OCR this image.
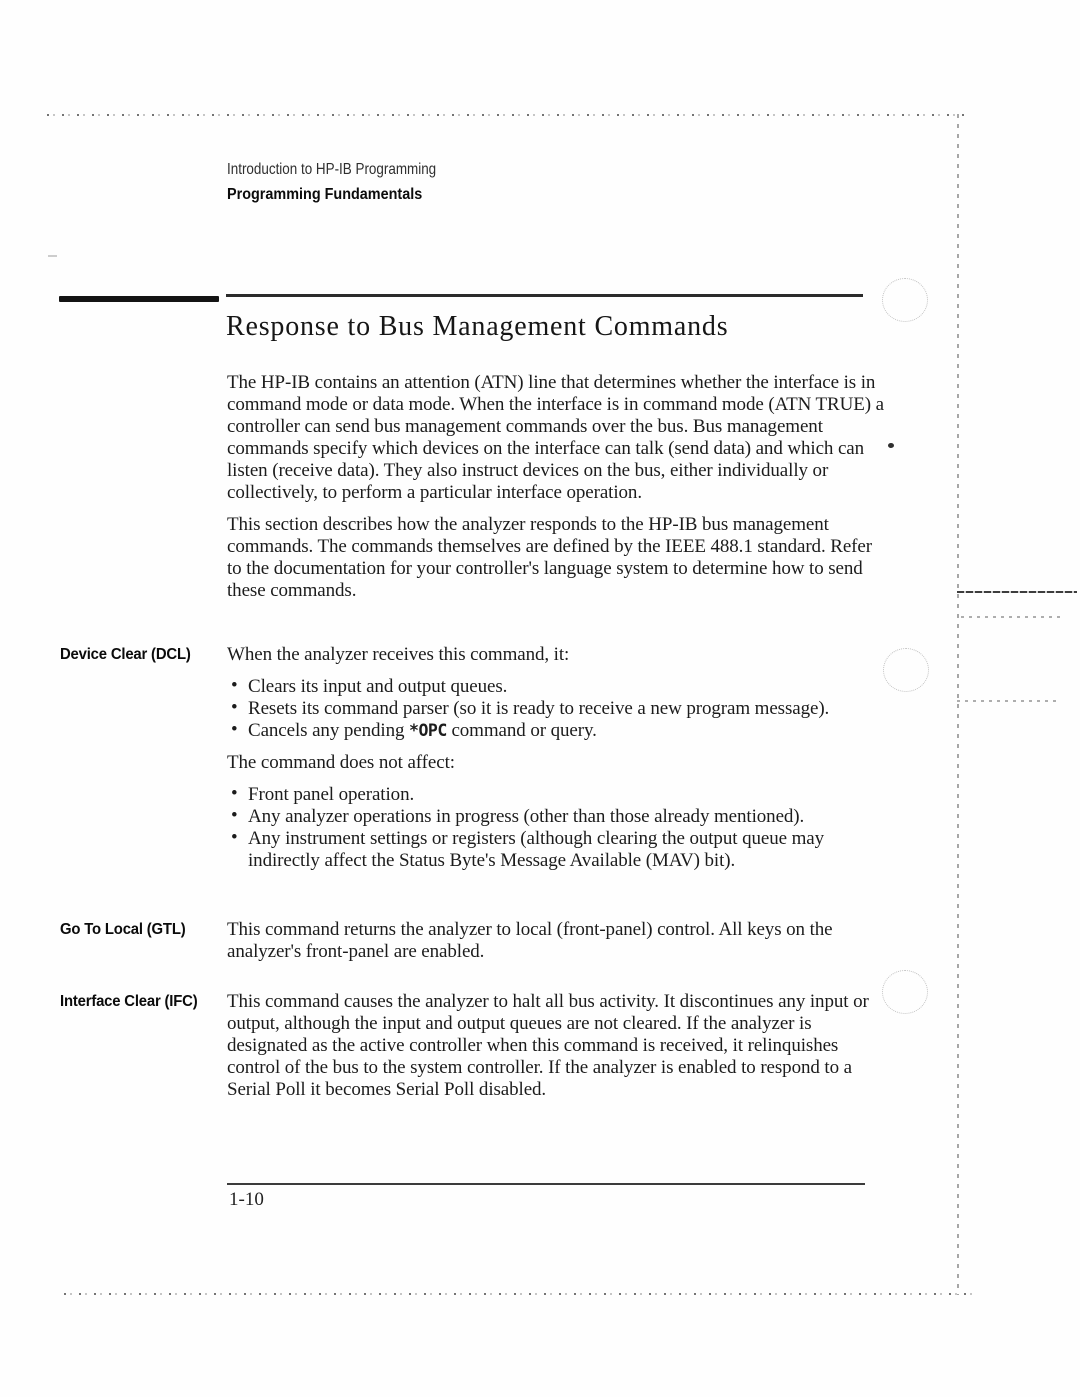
Introduction to HP-IB Programming
Programming Fundamentals
Response to Bus Management Commands

The HP-IB contains an attention (ATN) line that determines whether the interface is in command mode or data mode. When the interface is in command mode (ATN TRUE) a controller can send bus management commands over the bus. Bus management commands specify which devices on the interface can talk (send data) and which can listen (receive data). They also instruct devices on the bus, either individually or collectively, to perform a particular interface operation.

This section describes how the analyzer responds to the HP-IB bus management commands. The commands themselves are defined by the IEEE 488.1 standard. Refer to the documentation for your controller's language system to determine how to send these commands.

Device Clear (DCL) When the analyzer receives this command, it:

• Clears its input and output queues.
• Resets its command parser (so it is ready to receive a new program message).
• Cancels any pending *OPC command or query.

The command does not affect:

• Front panel operation.
• Any analyzer operations in progress (other than those already mentioned).
• Any instrument settings or registers (although clearing the output queue may indirectly affect the Status Byte's Message Available (MAV) bit).
Go To Local (GTL) This command returns the analyzer to local (front-panel) control. All keys on the analyzer's front-panel are enabled.

Interface Clear (IFC) This command causes the analyzer to halt all bus activity. It discontinues any input or output, although the input and output queues are not cleared. If the analyzer is designated as the active controller when this command is received, it relinquishes control of the bus to the system controller. If the analyzer is enabled to respond to a Serial Poll it becomes Serial Poll disabled.

1-10
